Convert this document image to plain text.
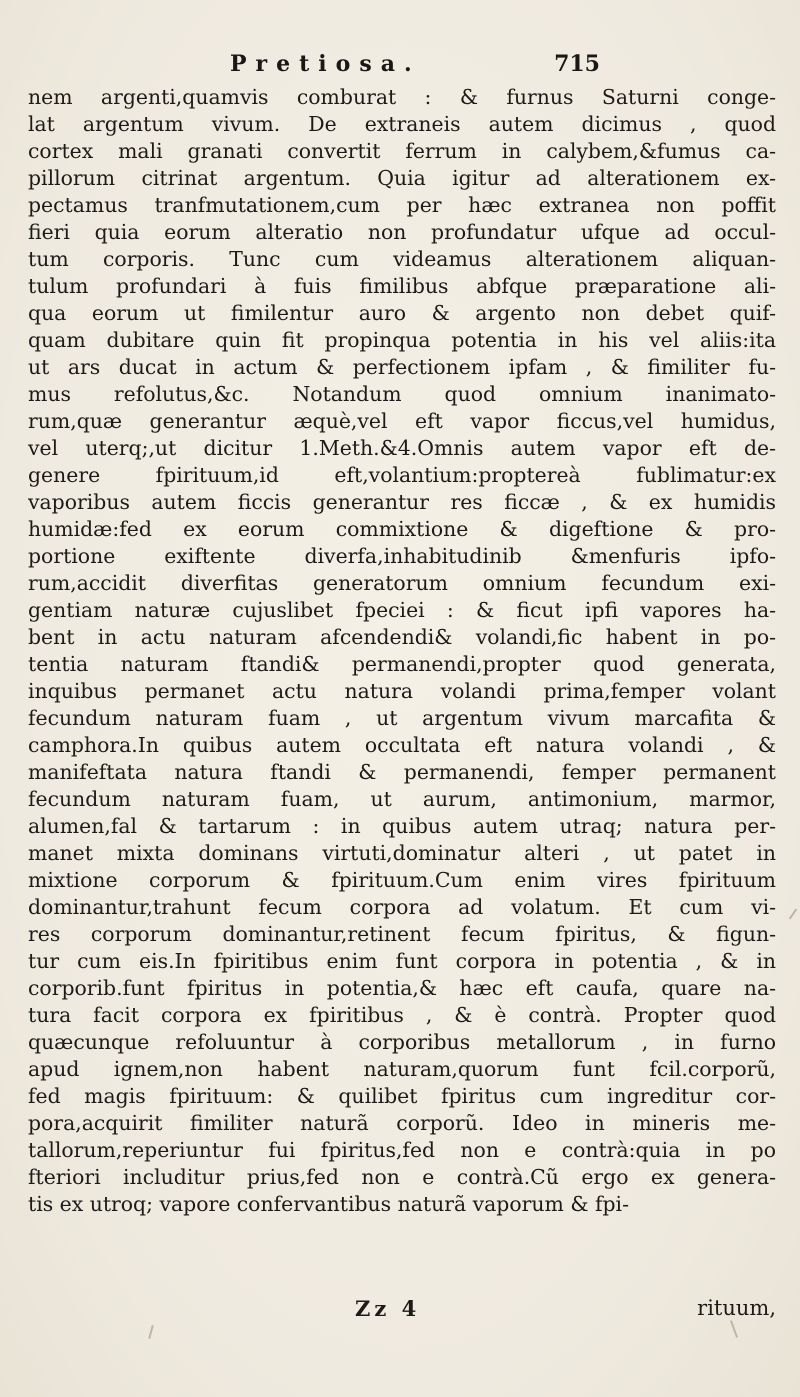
Pretiosa.	715
nem argenti,quamvis comburat : & furnus Saturni conge-
lat argentum vivum. De extraneis autem dicimus , quod
cortex mali granati convertit ferrum in calybem,&fumus ca-
pillorum citrinat argentum. Quia igitur ad alterationem ex-
pectamus tranfmutationem,cum per hæc extranea non poffit
fieri quia eorum alteratio non profundatur ufque ad occul-
tum corporis. Tunc cum videamus alterationem aliquan-
tulum profundari à fuis fimilibus abfque præparatione ali-
qua eorum ut fimilentur auro & argento non debet quif-
quam dubitare quin fit propinqua potentia in his vel aliis:ita
ut ars ducat in actum & perfectionem ipfam , & fimiliter fu-
mus refolutus,&c. Notandum quod omnium inanimato-
rum,quæ generantur æquè,vel eft vapor ficcus,vel humidus,
vel uterq;,ut dicitur 1.Meth.&4.Omnis autem vapor eft de-
genere fpirituum,id eft,volantium:proptereà fublimatur:ex
vaporibus autem ficcis generantur res ficcæ , & ex humidis
humidæ:fed ex eorum commixtione & digeftione & pro-
portione exiftente diverfa,inhabitudinib &menfuris ipfo-
rum,accidit diverfitas generatorum omnium fecundum exi-
gentiam naturæ cujuslibet fpeciei : & ficut ipfi vapores ha-
bent in actu naturam afcendendi& volandi,fic habent in po-
tentia naturam ftandi& permanendi,propter quod generata,
inquibus permanet actu natura volandi prima,femper volant
fecundum naturam fuam , ut argentum vivum marcafita &
camphora.In quibus autem occultata eft natura volandi , &
manifeftata natura ftandi & permanendi, femper permanent
fecundum naturam fuam, ut aurum, antimonium, marmor,
alumen,fal & tartarum : in quibus autem utraq; natura per-
manet mixta dominans virtuti,dominatur alteri , ut patet in
mixtione corporum & fpirituum.Cum enim vires fpirituum
dominantur,trahunt fecum corpora ad volatum. Et cum vi-
res corporum dominantur,retinent fecum fpiritus, & figun-
tur cum eis.In fpiritibus enim funt corpora in potentia , & in
corporib.funt fpiritus in potentia,& hæc eft caufa, quare na-
tura facit corpora ex fpiritibus , & è contrà. Propter quod
quæcunque refoluuntur à corporibus metallorum , in furno
apud ignem,non habent naturam,quorum funt fcil.corporũ,
fed magis fpirituum: & quilibet fpiritus cum ingreditur cor-
pora,acquirit fimiliter naturã corporũ. Ideo in mineris me-
tallorum,reperiuntur fui fpiritus,fed non e contrà:quia in po
fteriori includitur prius,fed non e contrà.Cũ ergo ex genera-
tis ex utroq; vapore confervantibus naturã vaporum & fpi-
Zz 4	rituum,
